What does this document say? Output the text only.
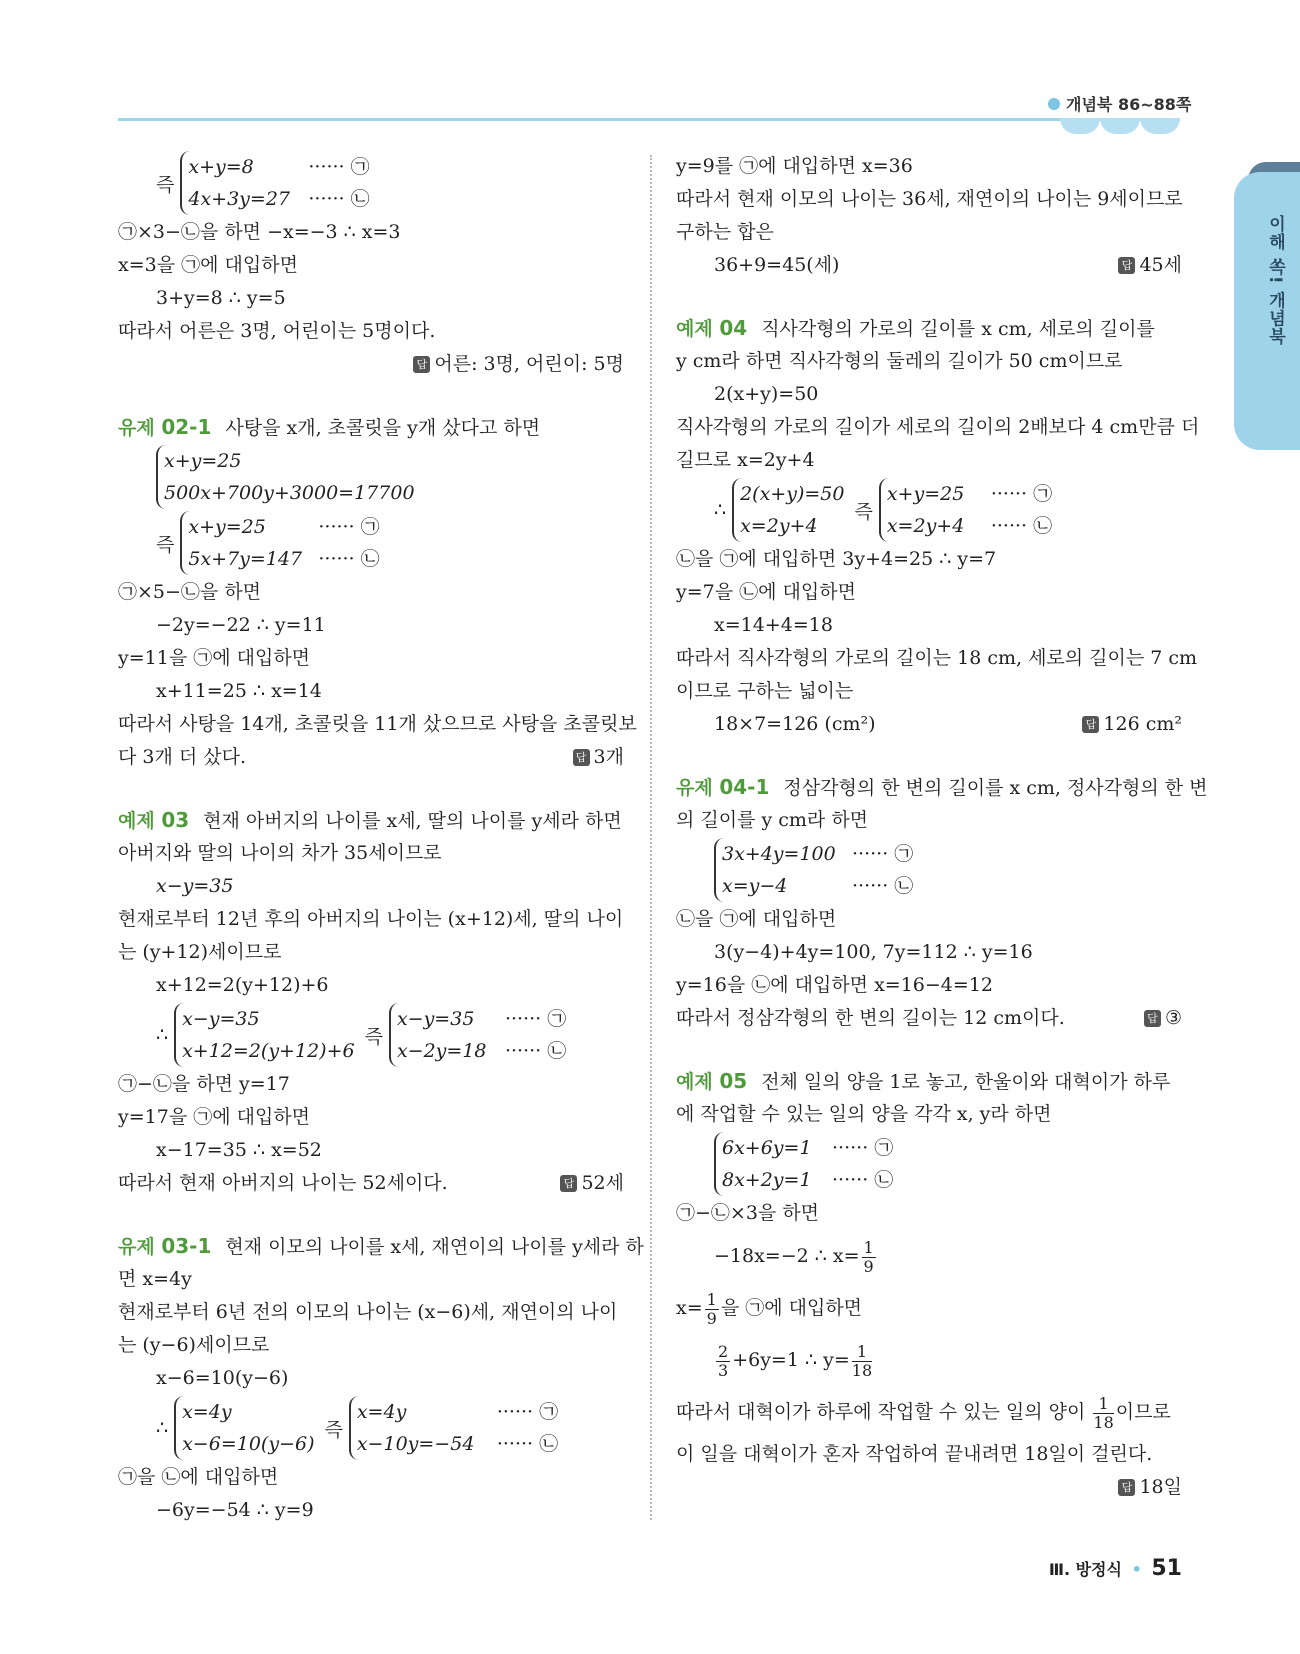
개념북 86~88쪽
이해 쏙! 개념북
즉
x+y=8	······ ㉠
4x+3y=27 ······ ㉡
㉠×3−㉡을 하면 −x=−3 ∴ x=3
x=3을 ㉠에 대입하면
3+y=8 ∴ y=5
따라서 어른은 3명, 어린이는 5명이다.
답 어른: 3명, 어린이: 5명
유제 02-1 사탕을 x개, 초콜릿을 y개 샀다고 하면
x+y=25
500x+700y+3000=17700
즉
x+y=25	······ ㉠
5x+7y=147 ······ ㉡
㉠×5−㉡을 하면
−2y=−22 ∴ y=11
y=11을 ㉠에 대입하면
x+11=25 ∴ x=14
따라서 사탕을 14개, 초콜릿을 11개 샀으므로 사탕을 초콜릿보
다 3개 더 샀다.	답 3개
예제 03 현재 아버지의 나이를 x세, 딸의 나이를 y세라 하면
아버지와 딸의 나이의 차가 35세이므로
x−y=35
현재로부터 12년 후의 아버지의 나이는 (x+12)세, 딸의 나이
는 (y+12)세이므로
x+12=2(y+12)+6
∴
x−y=35
x+12=2(y+12)+6
즉
x−y=35 ······ ㉠
x−2y=18 ······ ㉡
㉠−㉡을 하면 y=17
y=17을 ㉠에 대입하면
x−17=35 ∴ x=52
따라서 현재 아버지의 나이는 52세이다.	답 52세
유제 03-1 현재 이모의 나이를 x세, 재연이의 나이를 y세라 하
면 x=4y
현재로부터 6년 전의 이모의 나이는 (x−6)세, 재연이의 나이
는 (y−6)세이므로
x−6=10(y−6)
∴
x=4y
x−6=10(y−6)
즉
x=4y	······ ㉠
x−10y=−54 ······ ㉡
㉠을 ㉡에 대입하면
−6y=−54 ∴ y=9
y=9를 ㉠에 대입하면 x=36
따라서 현재 이모의 나이는 36세, 재연이의 나이는 9세이므로
구하는 합은
36+9=45(세)	답 45세
예제 04 직사각형의 가로의 길이를 x cm, 세로의 길이를
y cm라 하면 직사각형의 둘레의 길이가 50 cm이므로
2(x+y)=50
직사각형의 가로의 길이가 세로의 길이의 2배보다 4 cm만큼 더
길므로 x=2y+4
∴
2(x+y)=50
x=2y+4
즉
x+y=25 ······ ㉠
x=2y+4 ······ ㉡
㉡을 ㉠에 대입하면 3y+4=25 ∴ y=7
y=7을 ㉡에 대입하면
x=14+4=18
따라서 직사각형의 가로의 길이는 18 cm, 세로의 길이는 7 cm
이므로 구하는 넓이는
18×7=126 (cm²)	답 126 cm²
유제 04-1 정삼각형의 한 변의 길이를 x cm, 정사각형의 한 변
의 길이를 y cm라 하면
3x+4y=100 ······ ㉠
x=y−4	······ ㉡
㉡을 ㉠에 대입하면
3(y−4)+4y=100, 7y=112 ∴ y=16
y=16을 ㉡에 대입하면 x=16−4=12
따라서 정삼각형의 한 변의 길이는 12 cm이다.	답 ③
예제 05 전체 일의 양을 1로 놓고, 한울이와 대혁이가 하루
에 작업할 수 있는 일의 양을 각각 x, y라 하면
6x+6y=1 ······ ㉠
8x+2y=1 ······ ㉡
㉠−㉡×3을 하면
−18x=−2 ∴ $x= \frac{1}{9}$
$x= \frac{1}{9}$ 을 ㉠에 대입하면
$\frac{2}{3} +6y=1$ ∴ $y= \frac{1}{18}$
따라서 대혁이가 하루에 작업할 수 있는 일의 양이 $\frac{1}{18}$ 이므로
이 일을 대혁이가 혼자 작업하여 끝내려면 18일이 걸린다.
답 18일
Ⅲ. 방정식 • 51
